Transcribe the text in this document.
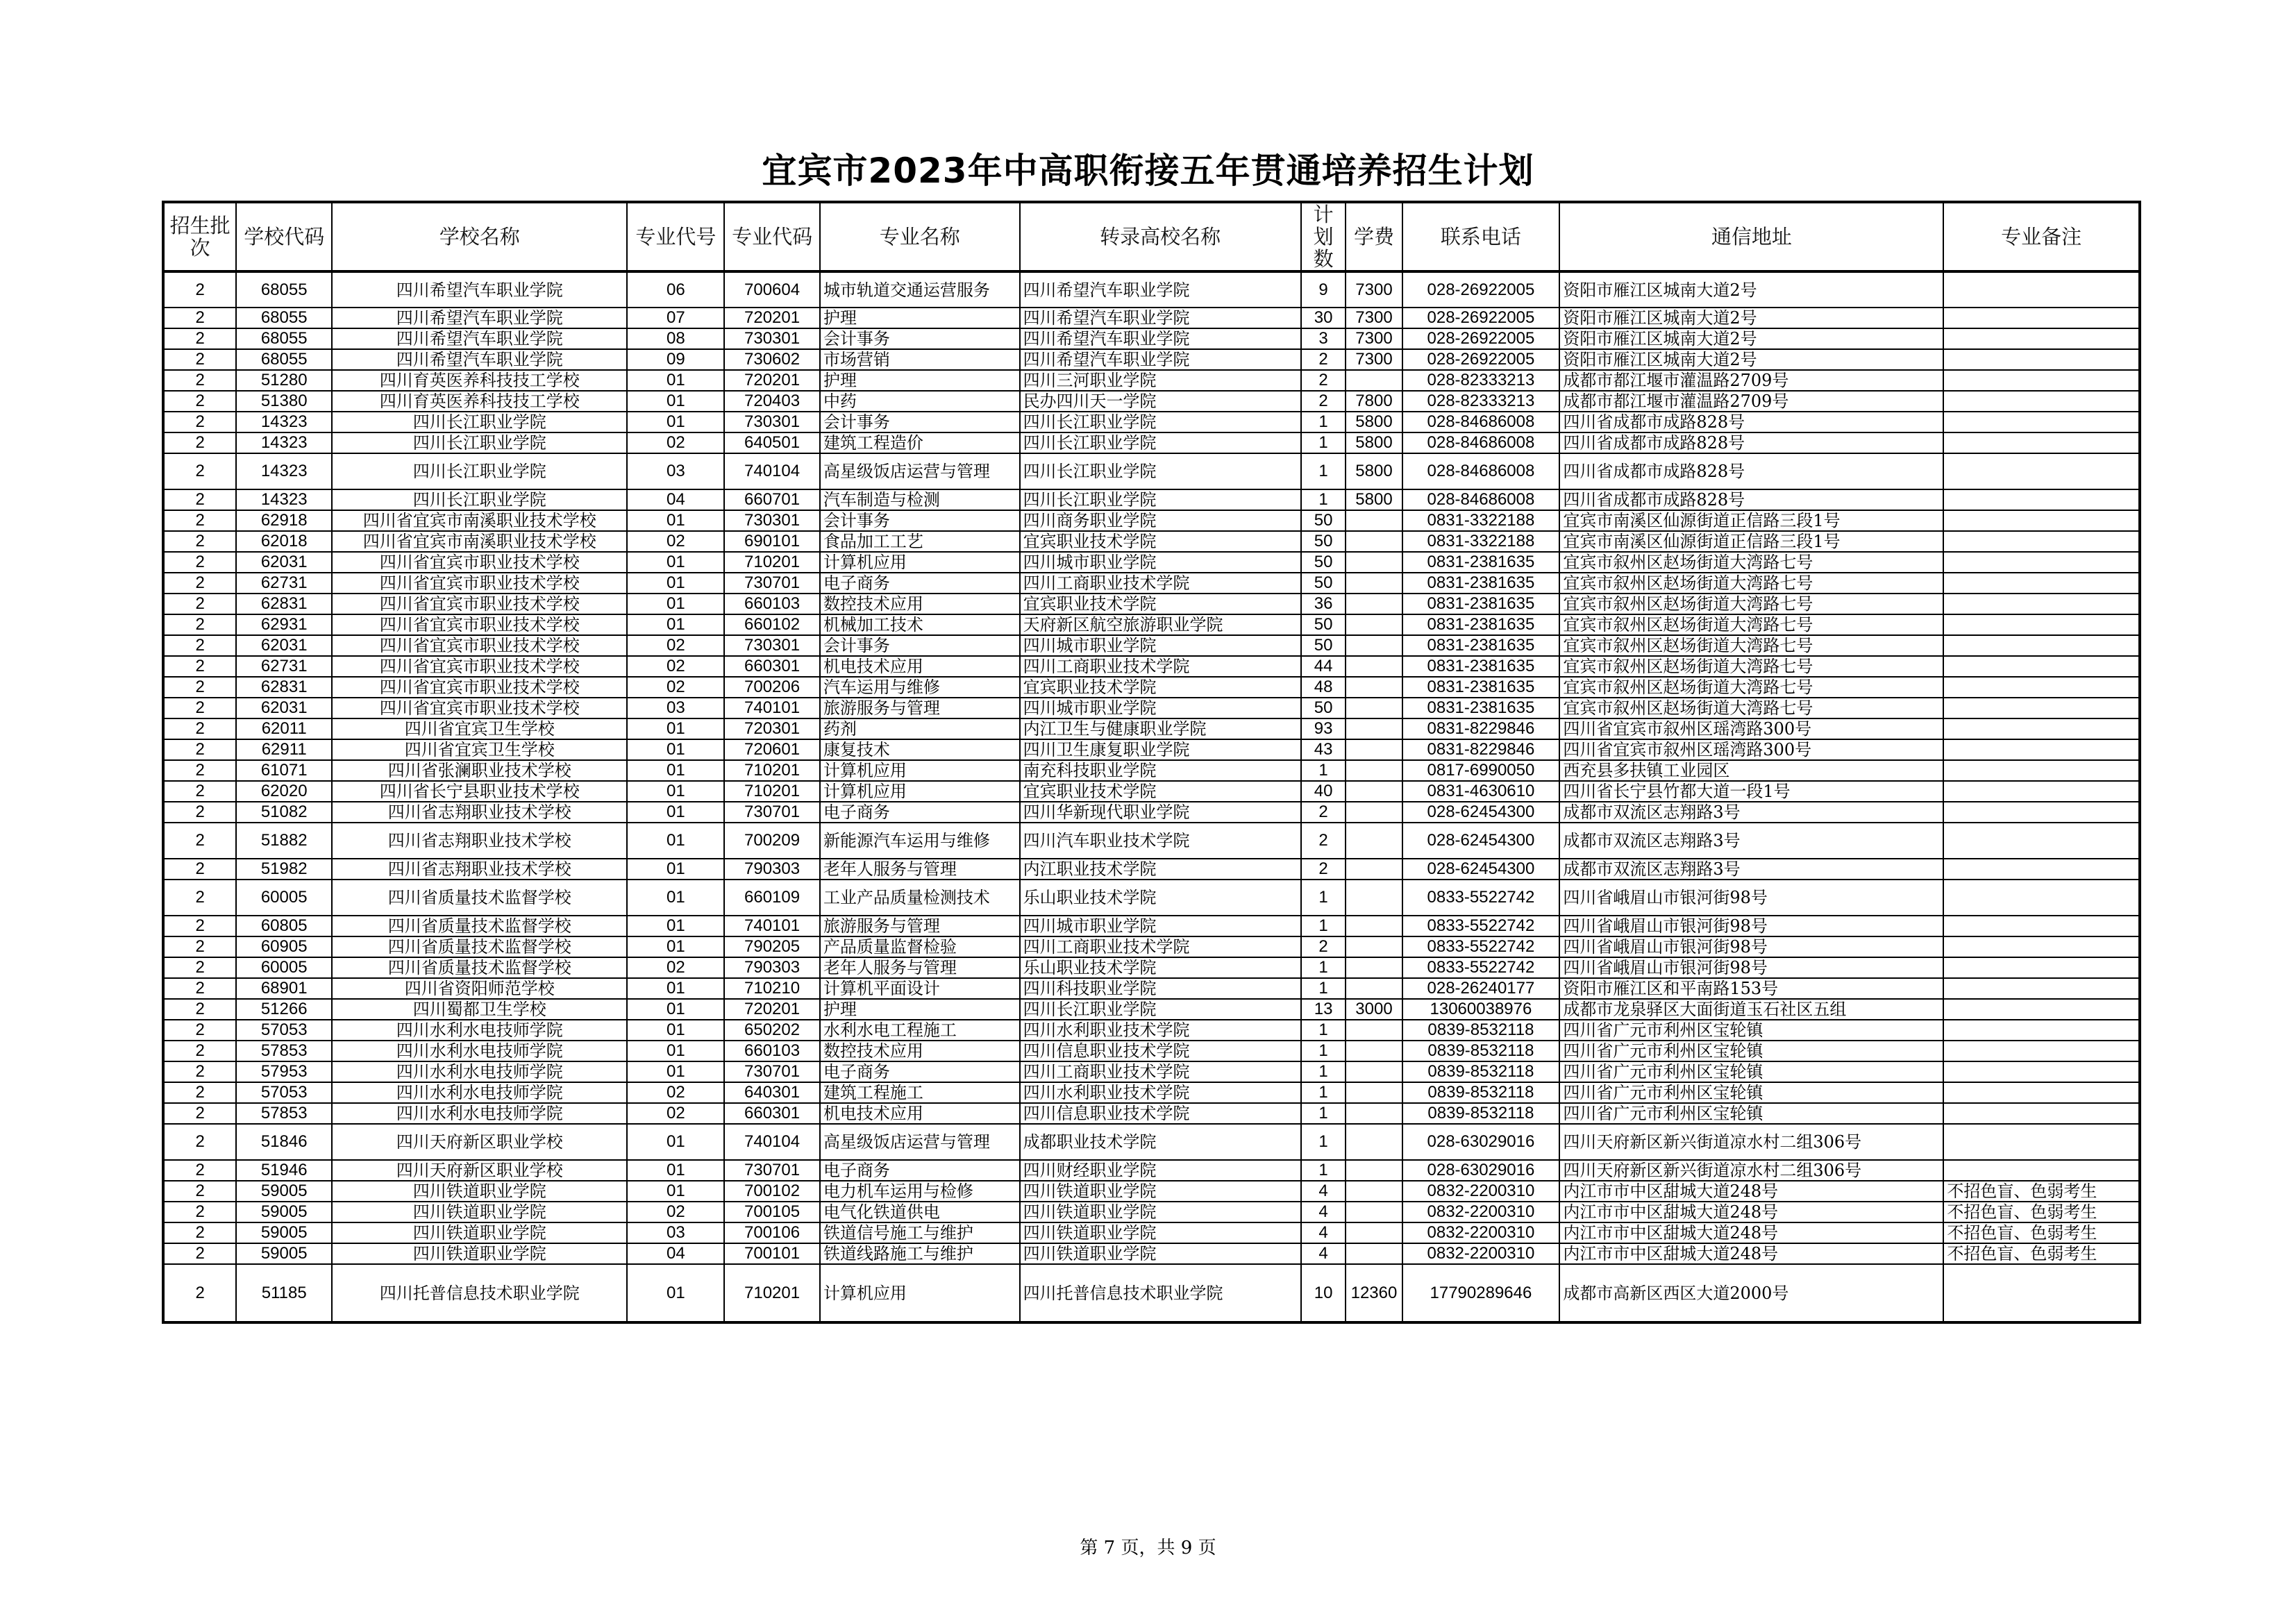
宜宾市2023年中高职衔接五年贯通培养招生计划
招生批次	学校代码	学校名称	专业代号	专业代码	专业名称	转录高校名称	计划数	学费	联系电话	通信地址	专业备注
2	68055	四川希望汽车职业学院	06	700604	城市轨道交通运营服务	四川希望汽车职业学院	9	7300	028-26922005	资阳市雁江区城南大道2号	
2	68055	四川希望汽车职业学院	07	720201	护理	四川希望汽车职业学院	30	7300	028-26922005	资阳市雁江区城南大道2号	
2	68055	四川希望汽车职业学院	08	730301	会计事务	四川希望汽车职业学院	3	7300	028-26922005	资阳市雁江区城南大道2号	
2	68055	四川希望汽车职业学院	09	730602	市场营销	四川希望汽车职业学院	2	7300	028-26922005	资阳市雁江区城南大道2号	
2	51280	四川育英医养科技技工学校	01	720201	护理	四川三河职业学院	2		028-82333213	成都市都江堰市灌温路2709号	
2	51380	四川育英医养科技技工学校	01	720403	中药	民办四川天一学院	2	7800	028-82333213	成都市都江堰市灌温路2709号	
2	14323	四川长江职业学院	01	730301	会计事务	四川长江职业学院	1	5800	028-84686008	四川省成都市成路828号	
2	14323	四川长江职业学院	02	640501	建筑工程造价	四川长江职业学院	1	5800	028-84686008	四川省成都市成路828号	
2	14323	四川长江职业学院	03	740104	高星级饭店运营与管理	四川长江职业学院	1	5800	028-84686008	四川省成都市成路828号	
2	14323	四川长江职业学院	04	660701	汽车制造与检测	四川长江职业学院	1	5800	028-84686008	四川省成都市成路828号	
2	62918	四川省宜宾市南溪职业技术学校	01	730301	会计事务	四川商务职业学院	50		0831-3322188	宜宾市南溪区仙源街道正信路三段1号	
2	62018	四川省宜宾市南溪职业技术学校	02	690101	食品加工工艺	宜宾职业技术学院	50		0831-3322188	宜宾市南溪区仙源街道正信路三段1号	
2	62031	四川省宜宾市职业技术学校	01	710201	计算机应用	四川城市职业学院	50		0831-2381635	宜宾市叙州区赵场街道大湾路七号	
2	62731	四川省宜宾市职业技术学校	01	730701	电子商务	四川工商职业技术学院	50		0831-2381635	宜宾市叙州区赵场街道大湾路七号	
2	62831	四川省宜宾市职业技术学校	01	660103	数控技术应用	宜宾职业技术学院	36		0831-2381635	宜宾市叙州区赵场街道大湾路七号	
2	62931	四川省宜宾市职业技术学校	01	660102	机械加工技术	天府新区航空旅游职业学院	50		0831-2381635	宜宾市叙州区赵场街道大湾路七号	
2	62031	四川省宜宾市职业技术学校	02	730301	会计事务	四川城市职业学院	50		0831-2381635	宜宾市叙州区赵场街道大湾路七号	
2	62731	四川省宜宾市职业技术学校	02	660301	机电技术应用	四川工商职业技术学院	44		0831-2381635	宜宾市叙州区赵场街道大湾路七号	
2	62831	四川省宜宾市职业技术学校	02	700206	汽车运用与维修	宜宾职业技术学院	48		0831-2381635	宜宾市叙州区赵场街道大湾路七号	
2	62031	四川省宜宾市职业技术学校	03	740101	旅游服务与管理	四川城市职业学院	50		0831-2381635	宜宾市叙州区赵场街道大湾路七号	
2	62011	四川省宜宾卫生学校	01	720301	药剂	内江卫生与健康职业学院	93		0831-8229846	四川省宜宾市叙州区瑶湾路300号	
2	62911	四川省宜宾卫生学校	01	720601	康复技术	四川卫生康复职业学院	43		0831-8229846	四川省宜宾市叙州区瑶湾路300号	
2	61071	四川省张澜职业技术学校	01	710201	计算机应用	南充科技职业学院	1		0817-6990050	西充县多扶镇工业园区	
2	62020	四川省长宁县职业技术学校	01	710201	计算机应用	宜宾职业技术学院	40		0831-4630610	四川省长宁县竹都大道一段1号	
2	51082	四川省志翔职业技术学校	01	730701	电子商务	四川华新现代职业学院	2		028-62454300	成都市双流区志翔路3号	
2	51882	四川省志翔职业技术学校	01	700209	新能源汽车运用与维修	四川汽车职业技术学院	2		028-62454300	成都市双流区志翔路3号	
2	51982	四川省志翔职业技术学校	01	790303	老年人服务与管理	内江职业技术学院	2		028-62454300	成都市双流区志翔路3号	
2	60005	四川省质量技术监督学校	01	660109	工业产品质量检测技术	乐山职业技术学院	1		0833-5522742	四川省峨眉山市银河街98号	
2	60805	四川省质量技术监督学校	01	740101	旅游服务与管理	四川城市职业学院	1		0833-5522742	四川省峨眉山市银河街98号	
2	60905	四川省质量技术监督学校	01	790205	产品质量监督检验	四川工商职业技术学院	2		0833-5522742	四川省峨眉山市银河街98号	
2	60005	四川省质量技术监督学校	02	790303	老年人服务与管理	乐山职业技术学院	1		0833-5522742	四川省峨眉山市银河街98号	
2	68901	四川省资阳师范学校	01	710210	计算机平面设计	四川科技职业学院	1		028-26240177	资阳市雁江区和平南路153号	
2	51266	四川蜀都卫生学校	01	720201	护理	四川长江职业学院	13	3000	13060038976	成都市龙泉驿区大面街道玉石社区五组	
2	57053	四川水利水电技师学院	01	650202	水利水电工程施工	四川水利职业技术学院	1		0839-8532118	四川省广元市利州区宝轮镇	
2	57853	四川水利水电技师学院	01	660103	数控技术应用	四川信息职业技术学院	1		0839-8532118	四川省广元市利州区宝轮镇	
2	57953	四川水利水电技师学院	01	730701	电子商务	四川工商职业技术学院	1		0839-8532118	四川省广元市利州区宝轮镇	
2	57053	四川水利水电技师学院	02	640301	建筑工程施工	四川水利职业技术学院	1		0839-8532118	四川省广元市利州区宝轮镇	
2	57853	四川水利水电技师学院	02	660301	机电技术应用	四川信息职业技术学院	1		0839-8532118	四川省广元市利州区宝轮镇	
2	51846	四川天府新区职业学校	01	740104	高星级饭店运营与管理	成都职业技术学院	1		028-63029016	四川天府新区新兴街道凉水村二组306号	
2	51946	四川天府新区职业学校	01	730701	电子商务	四川财经职业学院	1		028-63029016	四川天府新区新兴街道凉水村二组306号	
2	59005	四川铁道职业学院	01	700102	电力机车运用与检修	四川铁道职业学院	4		0832-2200310	内江市市中区甜城大道248号	不招色盲、色弱考生
2	59005	四川铁道职业学院	02	700105	电气化铁道供电	四川铁道职业学院	4		0832-2200310	内江市市中区甜城大道248号	不招色盲、色弱考生
2	59005	四川铁道职业学院	03	700106	铁道信号施工与维护	四川铁道职业学院	4		0832-2200310	内江市市中区甜城大道248号	不招色盲、色弱考生
2	59005	四川铁道职业学院	04	700101	铁道线路施工与维护	四川铁道职业学院	4		0832-2200310	内江市市中区甜城大道248号	不招色盲、色弱考生
2	51185	四川托普信息技术职业学院	01	710201	计算机应用	四川托普信息技术职业学院	10	12360	17790289646	成都市高新区西区大道2000号	
第 7 页，共 9 页
